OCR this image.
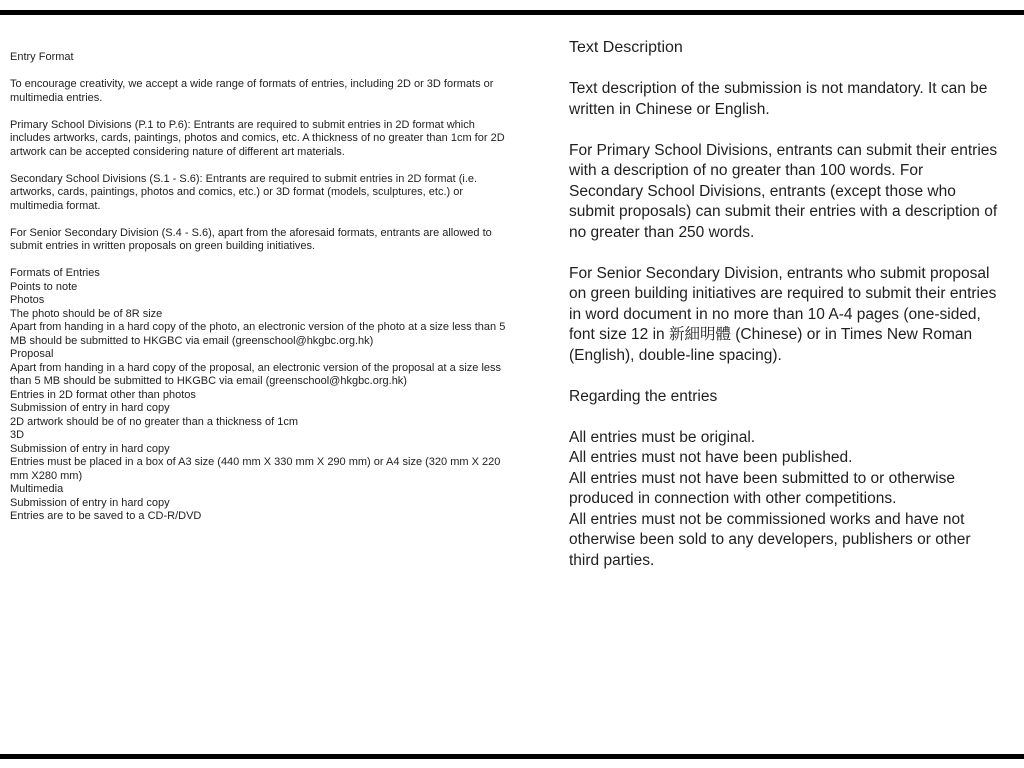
Entry Format

To encourage creativity, we accept a wide range of formats of entries, including 2D or 3D formats or multimedia entries.

Primary School Divisions (P.1 to P.6): Entrants are required to submit entries in 2D format which includes artworks, cards, paintings, photos and comics, etc. A thickness of no greater than 1cm for 2D artwork can be accepted considering nature of different art materials.

Secondary School Divisions (S.1 - S.6): Entrants are required to submit entries in 2D format (i.e. artworks, cards, paintings, photos and comics, etc.) or 3D format (models, sculptures, etc.) or multimedia format.

For Senior Secondary Division (S.4 - S.6), apart from the aforesaid formats, entrants are allowed to submit entries in written proposals on green building initiatives.

Formats of Entries
Points to note
Photos
The photo should be of 8R size
Apart from handing in a hard copy of the photo, an electronic version of the photo at a size less than 5 MB should be submitted to HKGBC via email (greenschool@hkgbc.org.hk)
Proposal
Apart from handing in a hard copy of the proposal, an electronic version of the proposal at a size less than 5 MB should be submitted to HKGBC via email (greenschool@hkgbc.org.hk)
Entries in 2D format other than photos
Submission of entry in hard copy
2D artwork should be of no greater than a thickness of 1cm
3D
Submission of entry in hard copy
Entries must be placed in a box of A3 size (440 mm X 330 mm X 290 mm) or A4 size (320 mm X 220 mm X280 mm)
Multimedia
Submission of entry in hard copy
Entries are to be saved to a CD-R/DVD

Text Description

Text description of the submission is not mandatory. It can be written in Chinese or English.

For Primary School Divisions, entrants can submit their entries with a description of no greater than 100 words. For Secondary School Divisions, entrants (except those who submit proposals) can submit their entries with a description of no greater than 250 words.

For Senior Secondary Division, entrants who submit proposal on green building initiatives are required to submit their entries in word document in no more than 10 A-4 pages (one-sided, font size 12 in 新細明體 (Chinese) or in Times New Roman (English), double-line spacing).

Regarding the entries

All entries must be original.
All entries must not have been published.
All entries must not have been submitted to or otherwise produced in connection with other competitions.
All entries must not be commissioned works and have not otherwise been sold to any developers, publishers or other third parties.
